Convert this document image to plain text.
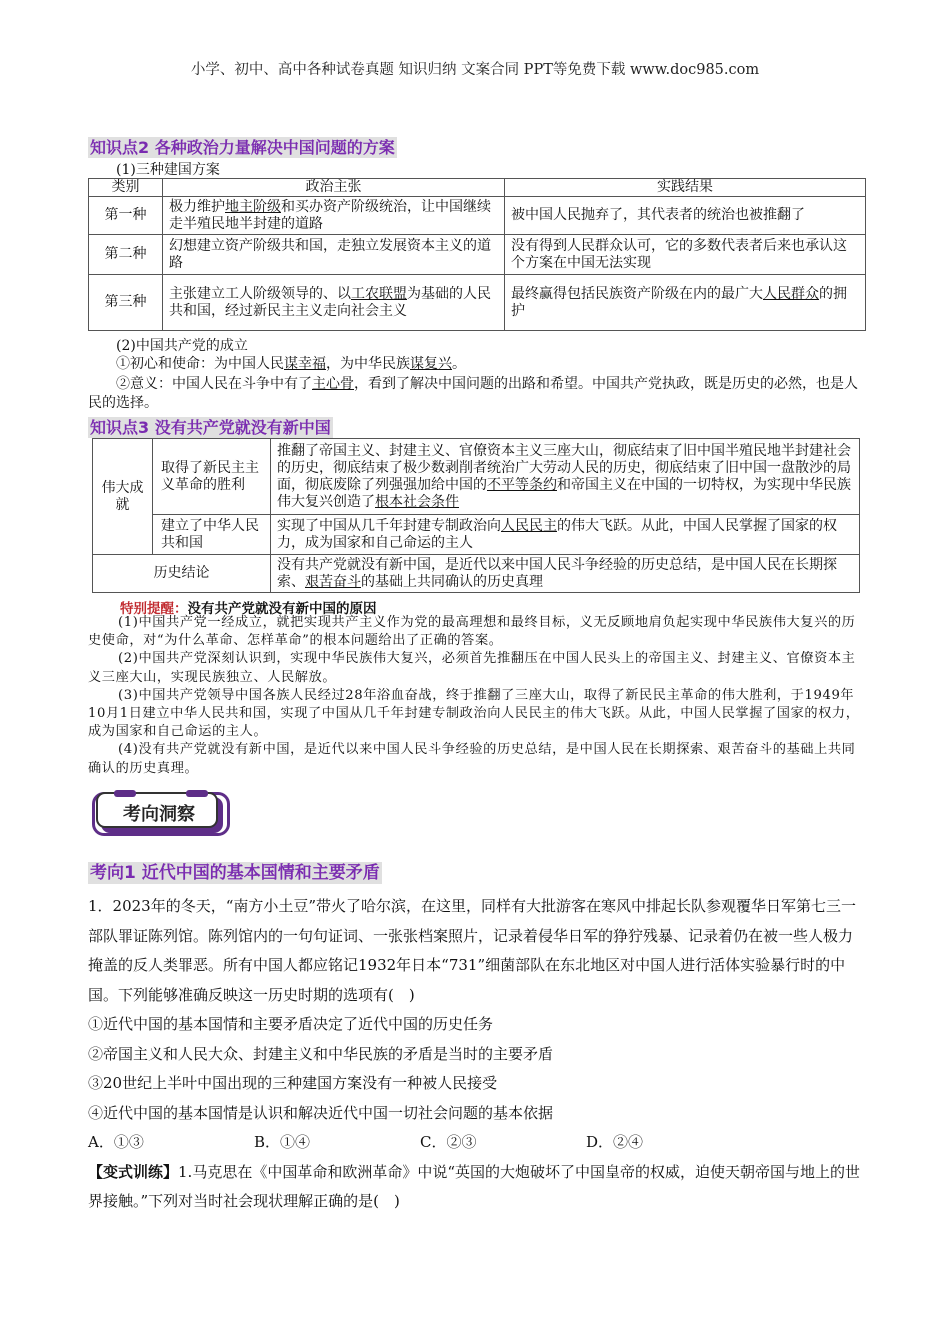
小学、初中、高中各种试卷真题 知识归纳 文案合同 PPT等免费下载 www.doc985.com
知识点2 各种政治力量解决中国问题的方案
(1)三种建国方案
类别	政治主张	实践结果
第一种	极力维护地主阶级和买办资产阶级统治，让中国继续走半殖民地半封建的道路	被中国人民抛弃了，其代表者的统治也被推翻了
第二种	幻想建立资产阶级共和国，走独立发展资本主义的道路	没有得到人民群众认可，它的多数代表者后来也承认这个方案在中国无法实现
第三种	主张建立工人阶级领导的、以工农联盟为基础的人民共和国，经过新民主主义走向社会主义	最终赢得包括民族资产阶级在内的最广大人民群众的拥护
(2)中国共产党的成立
①初心和使命：为中国人民谋幸福，为中华民族谋复兴。
②意义：中国人民在斗争中有了主心骨，看到了解决中国问题的出路和希望。中国共产党执政，既是历史的必然，也是人民的选择。
知识点3 没有共产党就没有新中国
伟大成就	取得了新民主主义革命的胜利	推翻了帝国主义、封建主义、官僚资本主义三座大山，彻底结束了旧中国半殖民地半封建社会的历史，彻底结束了极少数剥削者统治广大劳动人民的历史，彻底结束了旧中国一盘散沙的局面，彻底废除了列强强加给中国的不平等条约和帝国主义在中国的一切特权，为实现中华民族伟大复兴创造了根本社会条件
	建立了中华人民共和国	实现了中国从几千年封建专制政治向人民民主的伟大飞跃。从此，中国人民掌握了国家的权力，成为国家和自己命运的主人
历史结论		没有共产党就没有新中国，是近代以来中国人民斗争经验的历史总结，是中国人民在长期探索、艰苦奋斗的基础上共同确认的历史真理
特别提醒：没有共产党就没有新中国的原因
(1)中国共产党一经成立，就把实现共产主义作为党的最高理想和最终目标，义无反顾地肩负起实现中华民族伟大复兴的历史使命，对“为什么革命、怎样革命”的根本问题给出了正确的答案。
(2)中国共产党深刻认识到，实现中华民族伟大复兴，必须首先推翻压在中国人民头上的帝国主义、封建主义、官僚资本主义三座大山，实现民族独立、人民解放。
(3)中国共产党领导中国各族人民经过28年浴血奋战，终于推翻了三座大山，取得了新民民主革命的伟大胜利，于1949年10月1日建立中华人民共和国，实现了中国从几千年封建专制政治向人民民主的伟大飞跃。从此，中国人民掌握了国家的权力，成为国家和自己命运的主人。
(4)没有共产党就没有新中国，是近代以来中国人民斗争经验的历史总结，是中国人民在长期探索、艰苦奋斗的基础上共同确认的历史真理。
考向洞察
考向1 近代中国的基本国情和主要矛盾
1．2023年的冬天，“南方小土豆”带火了哈尔滨，在这里，同样有大批游客在寒风中排起长队参观覆华日军第七三一部队罪证陈列馆。陈列馆内的一句句证词、一张张档案照片，记录着侵华日军的狰狞残暴、记录着仍在被一些人极力掩盖的反人类罪恶。所有中国人都应铭记1932年日本“731”细菌部队在东北地区对中国人进行活体实验暴行时的中国。下列能够准确反映这一历史时期的选项有(　)
①近代中国的基本国情和主要矛盾决定了近代中国的历史任务
②帝国主义和人民大众、封建主义和中华民族的矛盾是当时的主要矛盾
③20世纪上半叶中国出现的三种建国方案没有一种被人民接受
④近代中国的基本国情是认识和解决近代中国一切社会问题的基本依据
A．①③	B．①④	C．②③	D．②④
【变式训练】1.马克思在《中国革命和欧洲革命》中说“英国的大炮破坏了中国皇帝的权威，迫使天朝帝国与地上的世界接触。”下列对当时社会现状理解正确的是(　)
